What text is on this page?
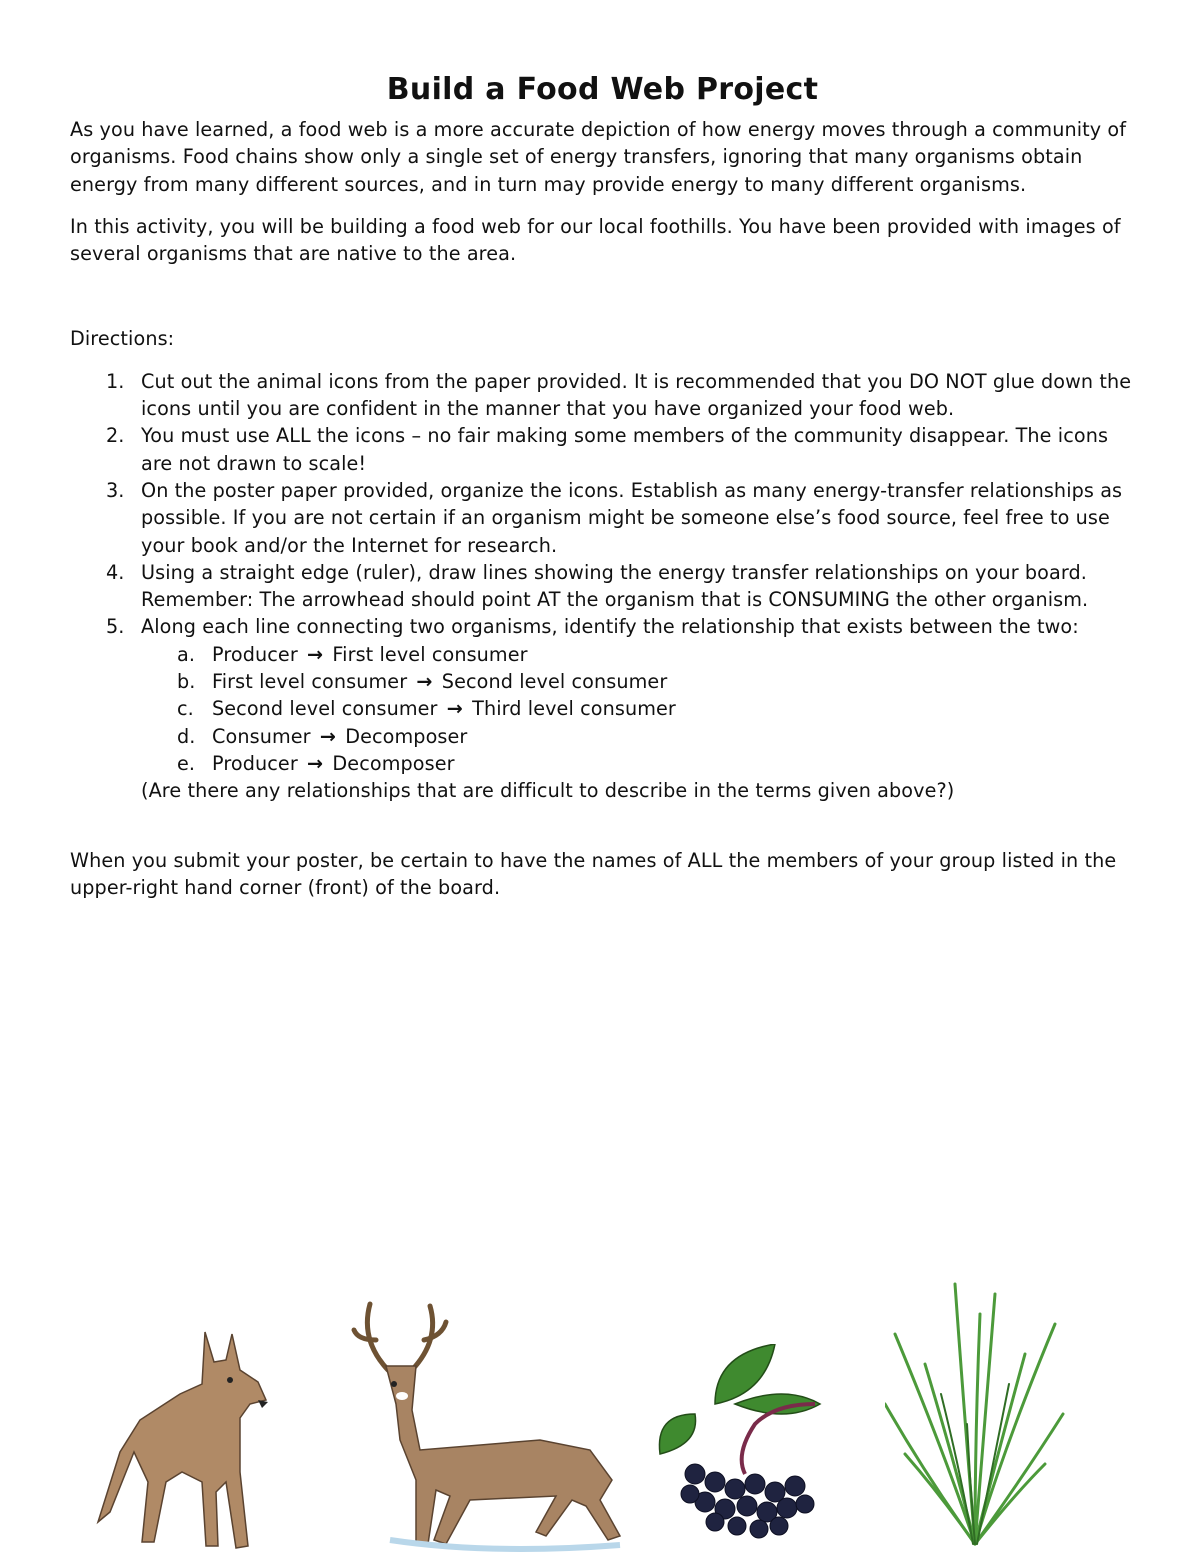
Build a Food Web Project

As you have learned, a food web is a more accurate depiction of how energy moves through a community of organisms. Food chains show only a single set of energy transfers, ignoring that many organisms obtain energy from many different sources, and in turn may provide energy to many different organisms.

In this activity, you will be building a food web for our local foothills. You have been provided with images of several organisms that are native to the area.

Directions:

1. Cut out the animal icons from the paper provided. It is recommended that you DO NOT glue down the icons until you are confident in the manner that you have organized your food web.
2. You must use ALL the icons – no fair making some members of the community disappear. The icons are not drawn to scale!
3. On the poster paper provided, organize the icons. Establish as many energy-transfer relationships as possible. If you are not certain if an organism might be someone else’s food source, feel free to use your book and/or the Internet for research.
4. Using a straight edge (ruler), draw lines showing the energy transfer relationships on your board. Remember: The arrowhead should point AT the organism that is CONSUMING the other organism.
5. Along each line connecting two organisms, identify the relationship that exists between the two:
a. Producer → First level consumer
b. First level consumer → Second level consumer
c. Second level consumer → Third level consumer
d. Consumer → Decomposer
e. Producer → Decomposer

(Are there any relationships that are difficult to describe in the terms given above?)

When you submit your poster, be certain to have the names of ALL the members of your group listed in the upper-right hand corner (front) of the board.
